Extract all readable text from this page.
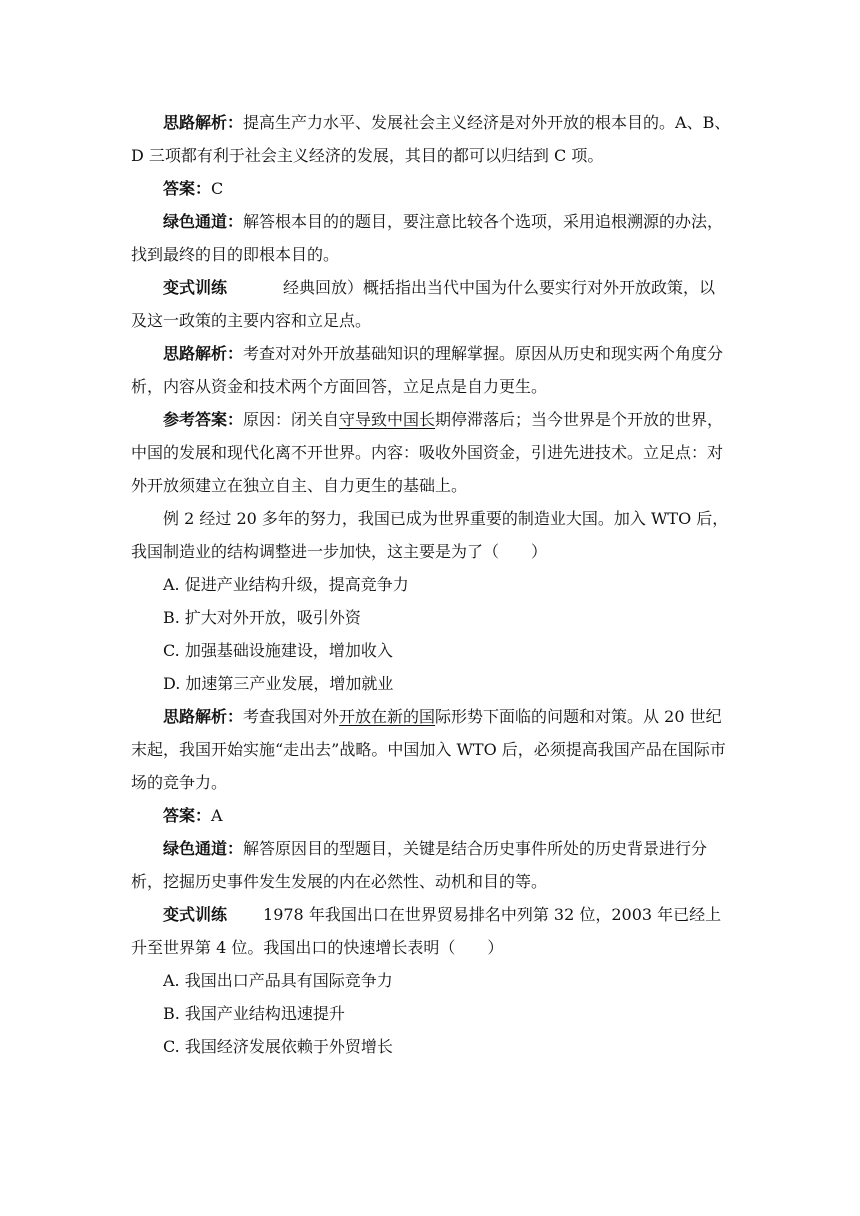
思路解析：提高生产力水平、发展社会主义经济是对外开放的根本目的。A、B、D 三项都有利于社会主义经济的发展，其目的都可以归结到 C 项。

答案：C

绿色通道：解答根本目的的题目，要注意比较各个选项，采用追根溯源的办法，找到最终的目的即根本目的。

变式训练	经典回放）概括指出当代中国为什么要实行对外开放政策，以及这一政策的主要内容和立足点。

思路解析：考查对对外开放基础知识的理解掌握。原因从历史和现实两个角度分析，内容从资金和技术两个方面回答，立足点是自力更生。

参考答案：原因：闭关自守导致中国长期停滞落后；当今世界是个开放的世界，中国的发展和现代化离不开世界。内容：吸收外国资金，引进先进技术。立足点：对外开放须建立在独立自主、自力更生的基础上。

例 2 经过 20 多年的努力，我国已成为世界重要的制造业大国。加入 WTO 后，我国制造业的结构调整进一步加快，这主要是为了（　　）

A. 促进产业结构升级，提高竞争力

B. 扩大对外开放，吸引外资

C. 加强基础设施建设，增加收入

D. 加速第三产业发展，增加就业

思路解析：考查我国对外开放在新的国际形势下面临的问题和对策。从 20 世纪末起，我国开始实施“走出去”战略。中国加入 WTO 后，必须提高我国产品在国际市场的竞争力。

答案：A

绿色通道：解答原因目的型题目，关键是结合历史事件所处的历史背景进行分析，挖掘历史事件发生发展的内在必然性、动机和目的等。

变式训练 1978 年我国出口在世界贸易排名中列第 32 位，2003 年已经上升至世界第 4 位。我国出口的快速增长表明（　　）

A. 我国出口产品具有国际竞争力

B. 我国产业结构迅速提升

C. 我国经济发展依赖于外贸增长
